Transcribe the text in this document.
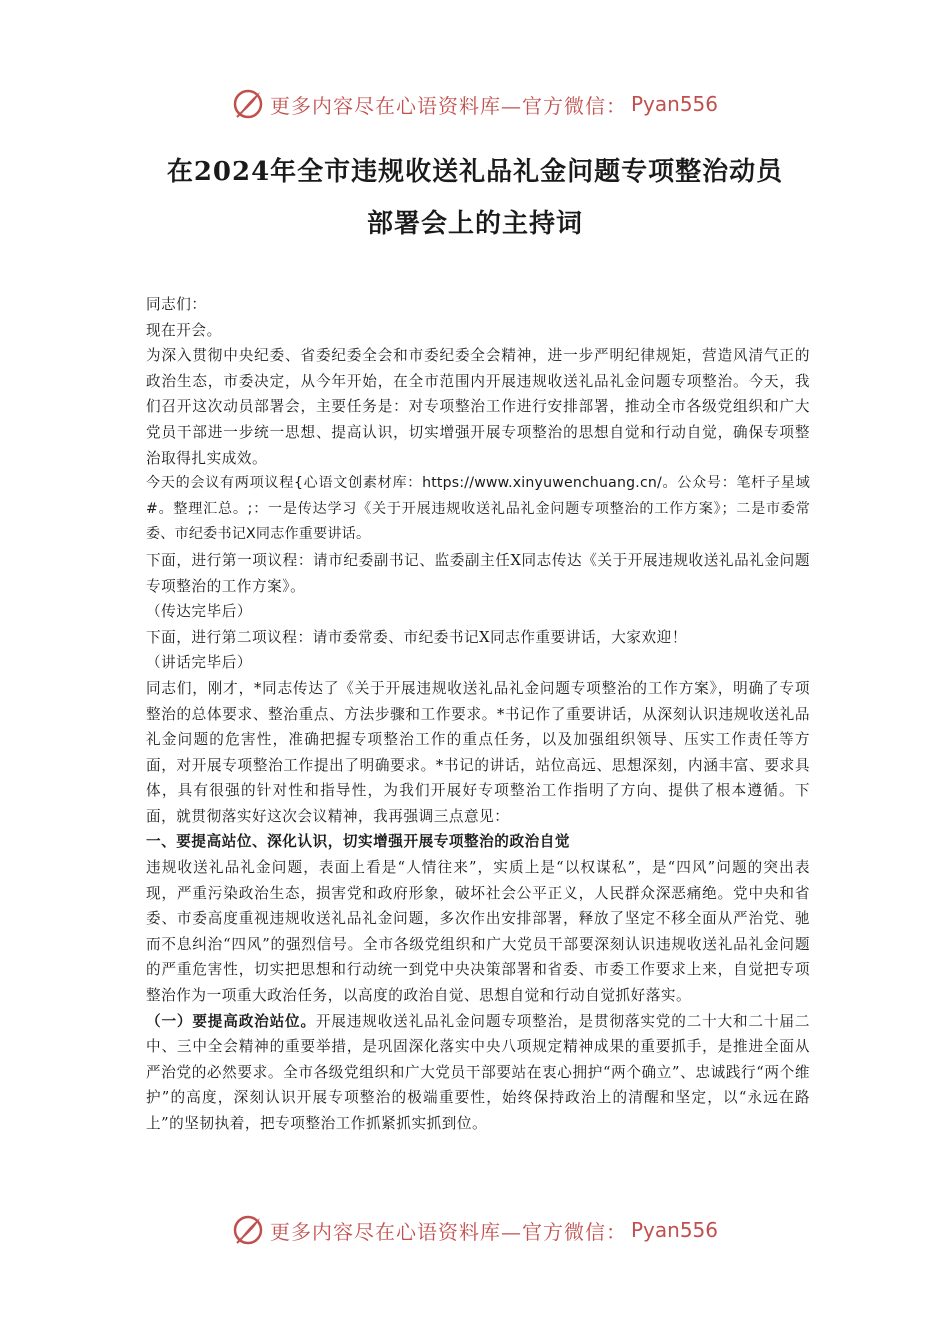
更多内容尽在心语资料库—官方微信： Pyan556
在2024年全市违规收送礼品礼金问题专项整治动员
部署会上的主持词

同志们：

现在开会。

为深入贯彻中央纪委、省委纪委全会和市委纪委全会精神，进一步严明纪律规矩，营造风清气正的政治生态，市委决定，从今年开始，在全市范围内开展违规收送礼品礼金问题专项整治。今天，我们召开这次动员部署会，主要任务是：对专项整治工作进行安排部署，推动全市各级党组织和广大党员干部进一步统一思想、提高认识，切实增强开展专项整治的思想自觉和行动自觉，确保专项整治取得扎实成效。

今天的会议有两项议程{心语文创素材库：https://www.xinyuwenchuang.cn/。公众号：笔杆子星域#。整理汇总。;：一是传达学习《关于开展违规收送礼品礼金问题专项整治的工作方案》；二是市委常委、市纪委书记X同志作重要讲话。

下面，进行第一项议程：请市纪委副书记、监委副主任X同志传达《关于开展违规收送礼品礼金问题专项整治的工作方案》。

（传达完毕后）

下面，进行第二项议程：请市委常委、市纪委书记X同志作重要讲话，大家欢迎！

（讲话完毕后）

同志们，刚才，*同志传达了《关于开展违规收送礼品礼金问题专项整治的工作方案》，明确了专项整治的总体要求、整治重点、方法步骤和工作要求。*书记作了重要讲话，从深刻认识违规收送礼品礼金问题的危害性，准确把握专项整治工作的重点任务，以及加强组织领导、压实工作责任等方面，对开展专项整治工作提出了明确要求。*书记的讲话，站位高远、思想深刻，内涵丰富、要求具体，具有很强的针对性和指导性，为我们开展好专项整治工作指明了方向、提供了根本遵循。下面，就贯彻落实好这次会议精神，我再强调三点意见：

一、要提高站位、深化认识，切实增强开展专项整治的政治自觉

违规收送礼品礼金问题，表面上看是“人情往来”，实质上是“以权谋私”，是“四风”问题的突出表现，严重污染政治生态，损害党和政府形象，破坏社会公平正义，人民群众深恶痛绝。党中央和省委、市委高度重视违规收送礼品礼金问题，多次作出安排部署，释放了坚定不移全面从严治党、驰而不息纠治“四风”的强烈信号。全市各级党组织和广大党员干部要深刻认识违规收送礼品礼金问题的严重危害性，切实把思想和行动统一到党中央决策部署和省委、市委工作要求上来，自觉把专项整治作为一项重大政治任务，以高度的政治自觉、思想自觉和行动自觉抓好落实。

（一）要提高政治站位。开展违规收送礼品礼金问题专项整治，是贯彻落实党的二十大和二十届二中、三中全会精神的重要举措，是巩固深化落实中央八项规定精神成果的重要抓手，是推进全面从严治党的必然要求。全市各级党组织和广大党员干部要站在衷心拥护“两个确立”、忠诚践行“两个维护”的高度，深刻认识开展专项整治的极端重要性，始终保持政治上的清醒和坚定，以“永远在路上”的坚韧执着，把专项整治工作抓紧抓实抓到位。

更多内容尽在心语资料库—官方微信： Pyan556
